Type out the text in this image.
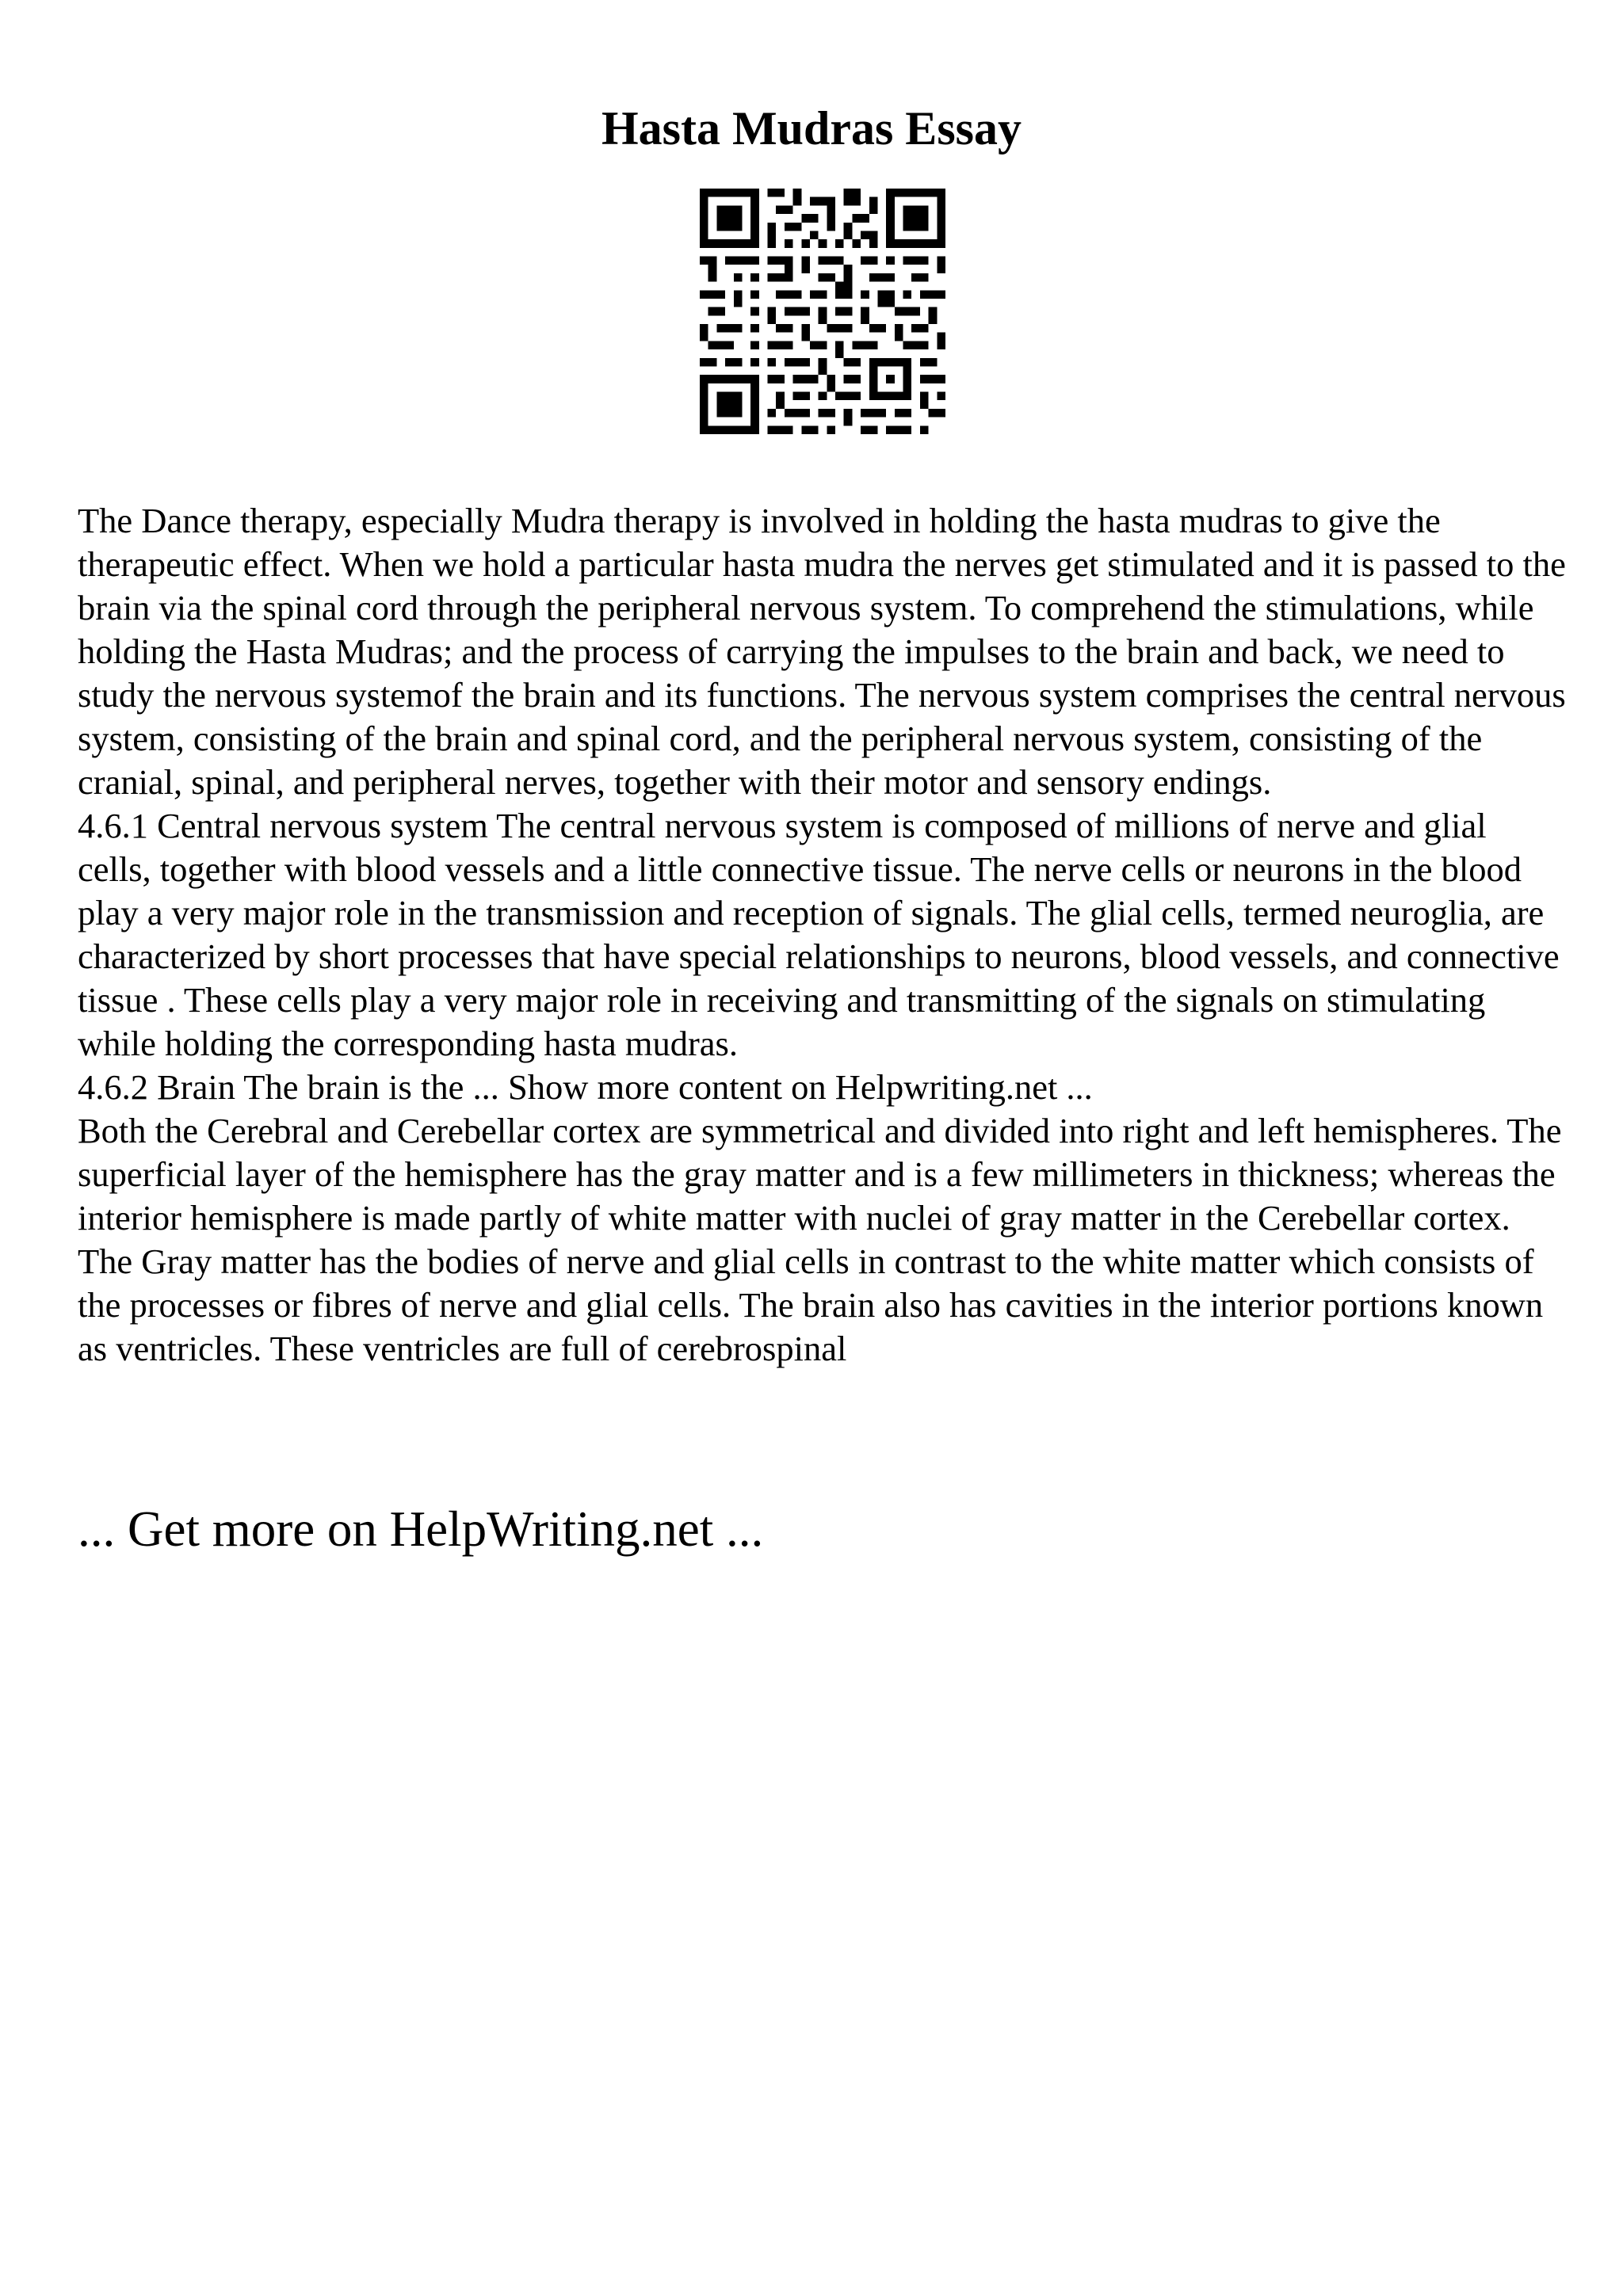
Hasta Mudras Essay

The Dance therapy, especially Mudra therapy is involved in holding the hasta mudras to give the therapeutic effect. When we hold a particular hasta mudra the nerves get stimulated and it is passed to the brain via the spinal cord through the peripheral nervous system. To comprehend the stimulations, while holding the Hasta Mudras; and the process of carrying the impulses to the brain and back, we need to study the nervous systemof the brain and its functions. The nervous system comprises the central nervous system, consisting of the brain and spinal cord, and the peripheral nervous system, consisting of the cranial, spinal, and peripheral nerves, together with their motor and sensory endings.

4.6.1 Central nervous system The central nervous system is composed of millions of nerve and glial cells, together with blood vessels and a little connective tissue. The nerve cells or neurons in the blood play a very major role in the transmission and reception of signals. The glial cells, termed neuroglia, are characterized by short processes that have special relationships to neurons, blood vessels, and connective tissue . These cells play a very major role in receiving and transmitting of the signals on stimulating while holding the corresponding hasta mudras.

4.6.2 Brain The brain is the ... Show more content on Helpwriting.net ...

Both the Cerebral and Cerebellar cortex are symmetrical and divided into right and left hemispheres. The superficial layer of the hemisphere has the gray matter and is a few millimeters in thickness; whereas the interior hemisphere is made partly of white matter with nuclei of gray matter in the Cerebellar cortex. The Gray matter has the bodies of nerve and glial cells in contrast to the white matter which consists of the processes or fibres of nerve and glial cells. The brain also has cavities in the interior portions known as ventricles. These ventricles are full of cerebrospinal

... Get more on HelpWriting.net ...
